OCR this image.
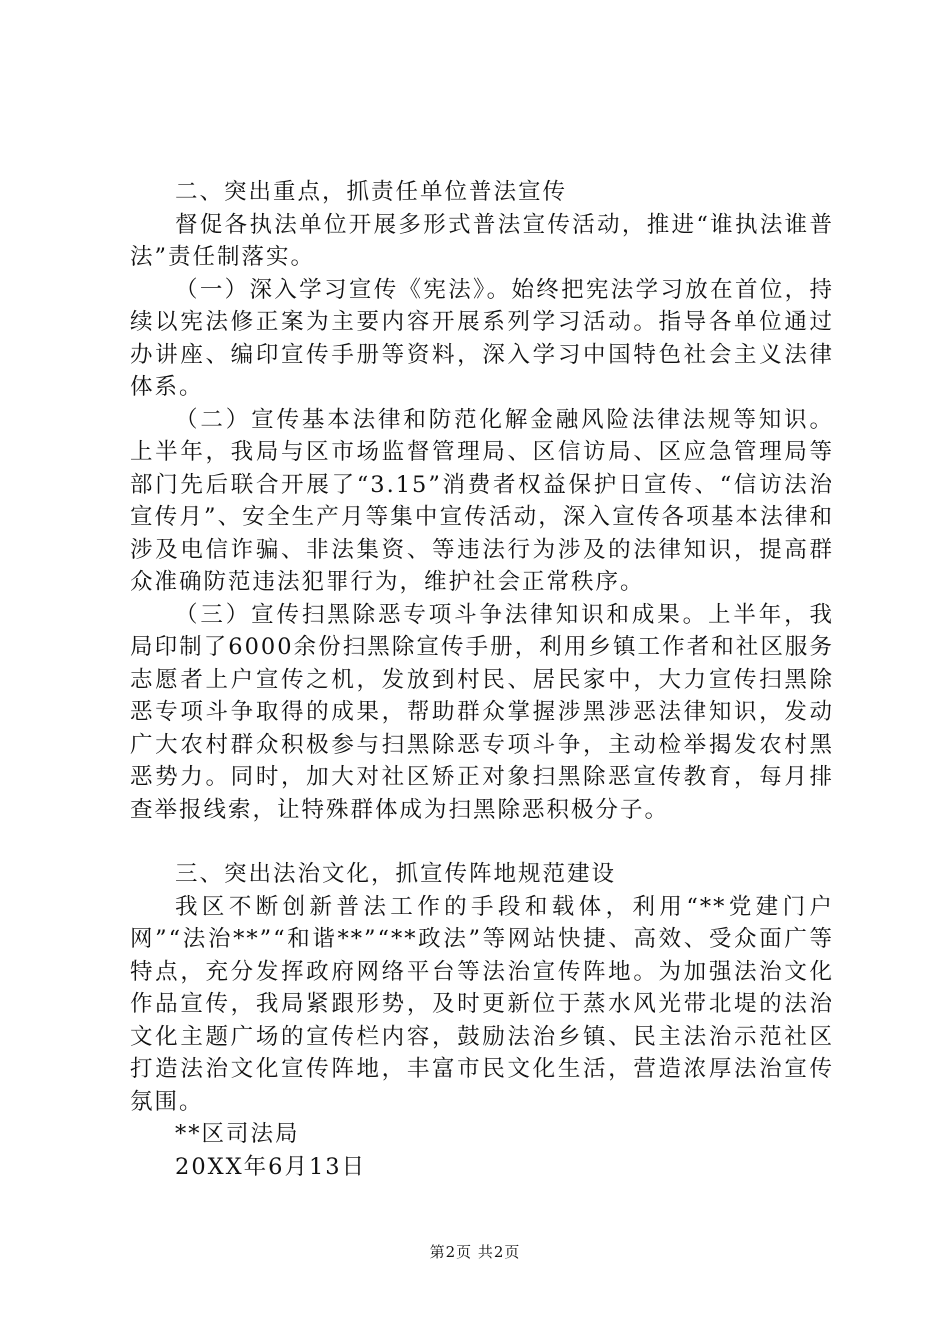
二、突出重点，抓责任单位普法宣传

督促各执法单位开展多形式普法宣传活动，推进“谁执法谁普法”责任制落实。

（一）深入学习宣传《宪法》。始终把宪法学习放在首位，持续以宪法修正案为主要内容开展系列学习活动。指导各单位通过办讲座、编印宣传手册等资料，深入学习中国特色社会主义法律体系。

（二）宣传基本法律和防范化解金融风险法律法规等知识。上半年，我局与区市场监督管理局、区信访局、区应急管理局等部门先后联合开展了“3.15”消费者权益保护日宣传、“信访法治宣传月”、安全生产月等集中宣传活动，深入宣传各项基本法律和涉及电信诈骗、非法集资、等违法行为涉及的法律知识，提高群众准确防范违法犯罪行为，维护社会正常秩序。

（三）宣传扫黑除恶专项斗争法律知识和成果。上半年，我局印制了6000余份扫黑除宣传手册，利用乡镇工作者和社区服务志愿者上户宣传之机，发放到村民、居民家中，大力宣传扫黑除恶专项斗争取得的成果，帮助群众掌握涉黑涉恶法律知识，发动广大农村群众积极参与扫黑除恶专项斗争，主动检举揭发农村黑恶势力。同时，加大对社区矫正对象扫黑除恶宣传教育，每月排查举报线索，让特殊群体成为扫黑除恶积极分子。

三、突出法治文化，抓宣传阵地规范建设

我区不断创新普法工作的手段和载体，利用“**党建门户网”“法治**”“和谐**”“**政法”等网站快捷、高效、受众面广等特点，充分发挥政府网络平台等法治宣传阵地。为加强法治文化作品宣传，我局紧跟形势，及时更新位于蒸水风光带北堤的法治文化主题广场的宣传栏内容，鼓励法治乡镇、民主法治示范社区打造法治文化宣传阵地，丰富市民文化生活，营造浓厚法治宣传氛围。

**区司法局

20XX年6月13日

第2页 共2页
